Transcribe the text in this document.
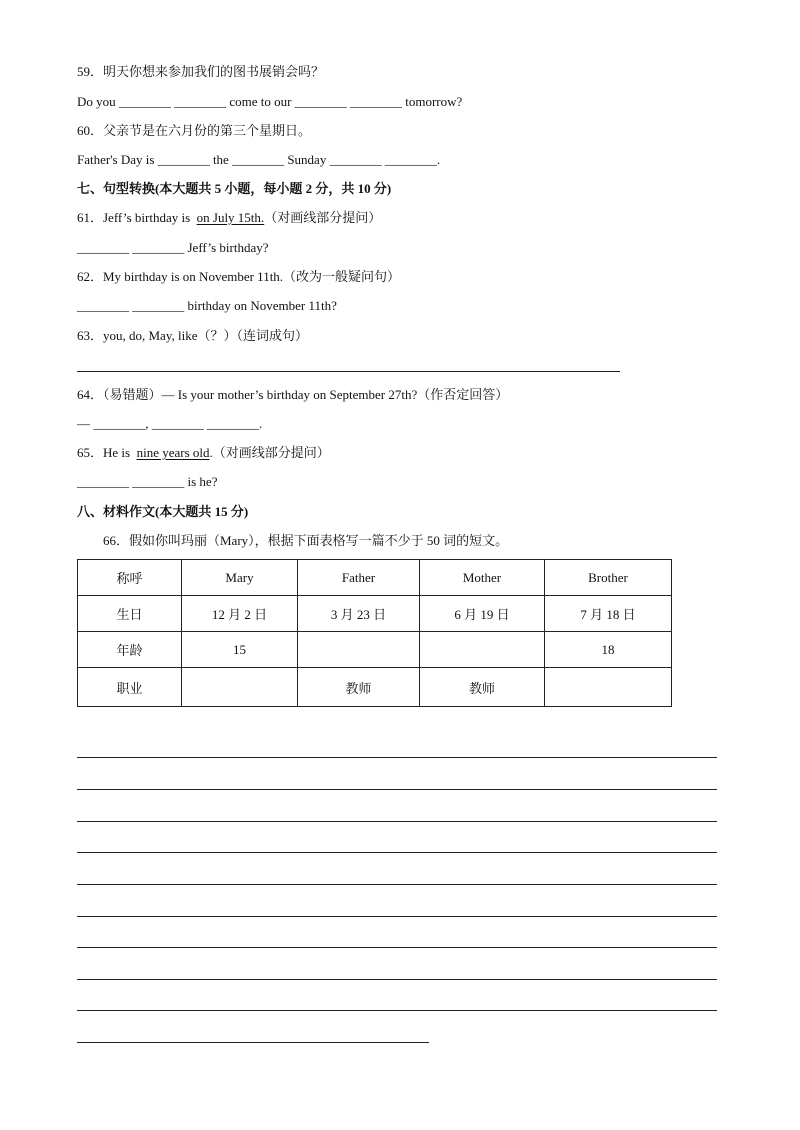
59．明天你想来参加我们的图书展销会吗？
Do you ________ ________ come to our ________ ________ tomorrow?
60．父亲节是在六月份的第三个星期日。
Father's Day is ________ the ________ Sunday ________ ________.
七、句型转换(本大题共 5 小题，每小题 2 分，共 10 分)
61．Jeff’s birthday is  on July 15th.（对画线部分提问）
________ ________ Jeff’s birthday?
62．My birthday is on November 11th.（改为一般疑问句）
________ ________ birthday on November 11th?
63．you, do, May, like（？）（连词成句）
64．（易错题）— Is your mother’s birthday on September 27th?（作否定回答）
— ________, ________ ________.
65．He is  nine years old.（对画线部分提问）
________ ________ is he?
八、材料作文(本大题共 15 分)
66．假如你叫玛丽（Mary），根据下面表格写一篇不少于 50 词的短文。
称呼	Mary	Father	Mother	Brother
生日	12 月 2 日	3 月 23 日	6 月 19 日	7 月 18 日
年龄	15			18
职业		教师	教师	
